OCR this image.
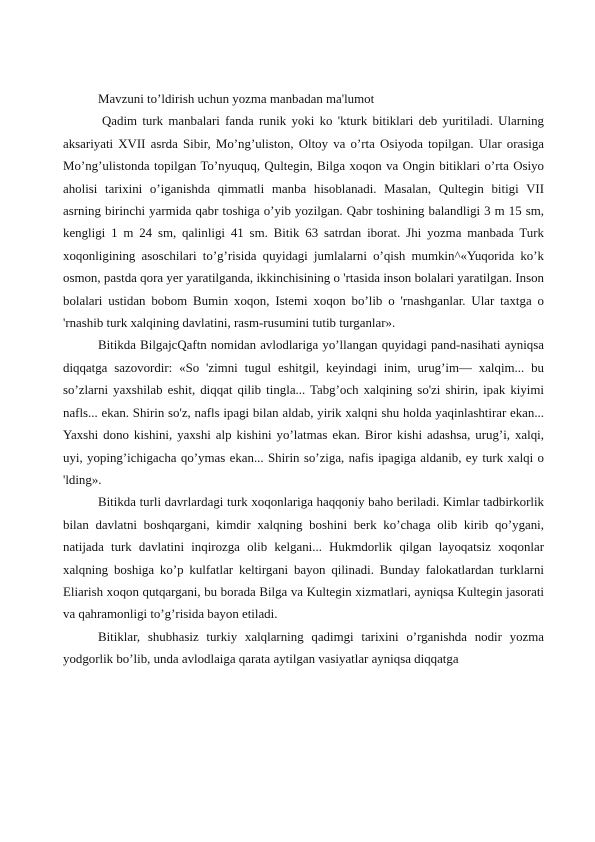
Mavzuni to’ldirish uchun yozma manbadan ma'lumot

Qadim turk manbalari fanda runik yoki ko 'kturk bitiklari deb yuritiladi. Ularning aksariyati XVII asrda Sibir, Mo’ng’uliston, Oltoy va o’rta Osiyoda topilgan. Ular orasiga Mo’ng’ulistonda topilgan To’nyuquq, Qultegin, Bilga xoqon va Ongin bitiklari o’rta Osiyo aholisi tarixini o’iganishda qimmatli manba hisoblanadi. Masalan, Qultegin bitigi VII asrning birinchi yarmida qabr toshiga o’yib yozilgan. Qabr toshining balandligi 3 m 15 sm, kengligi 1 m 24 sm, qalinligi 41 sm. Bitik 63 satrdan iborat. Jhi yozma manbada Turk xoqonligining asoschilari to’g’risida quyidagi jumlalarni o’qish mumkin^«Yuqorida ko’k osmon, pastda qora yer yaratilganda, ikkinchisining o 'rtasida inson bolalari yaratilgan. Inson bolalari ustidan bobom Bumin xoqon, Istemi xoqon bo’lib o 'rnashganlar. Ular taxtga o 'rnashib turk xalqining davlatini, rasm-rusumini tutib turganlar».

Bitikda BilgajcQaftn nomidan avlodlariga yo’llangan quyidagi pand-nasihati ayniqsa diqqatga sazovordir: «So 'zimni tugul eshitgil, keyindagi inim, urug’im— xalqim... bu so’zlarni yaxshilab eshit, diqqat qilib tingla... Tabg’och xalqining so'zi shirin, ipak kiyimi nafls... ekan. Shirin so'z, nafls ipagi bilan aldab, yirik xalqni shu holda yaqinlashtirar ekan... Yaxshi dono kishini, yaxshi alp kishini yo’latmas ekan. Biror kishi adashsa, urug’i, xalqi, uyi, yoping’ichigacha qo’ymas ekan... Shirin so’ziga, nafis ipagiga aldanib, ey turk xalqi o 'lding».

Bitikda turli davrlardagi turk xoqonlariga haqqoniy baho beriladi. Kimlar tadbirkorlik bilan davlatni boshqargani, kimdir xalqning boshini berk ko’chaga olib kirib qo’ygani, natijada turk davlatini inqirozga olib kelgani... Hukmdorlik qilgan layoqatsiz xoqonlar xalqning boshiga ko’p kulfatlar keltirgani bayon qilinadi. Bunday falokatlardan turklarni Eliarish xoqon qutqargani, bu borada Bilga va Kultegin xizmatlari, ayniqsa Kultegin jasorati va qahramonligi to’g’risida bayon etiladi.

Bitiklar, shubhasiz turkiy xalqlarning qadimgi tarixini o’rganishda nodir yozma yodgorlik bo’lib, unda avlodlaiga qarata aytilgan vasiyatlar ayniqsa diqqatga
